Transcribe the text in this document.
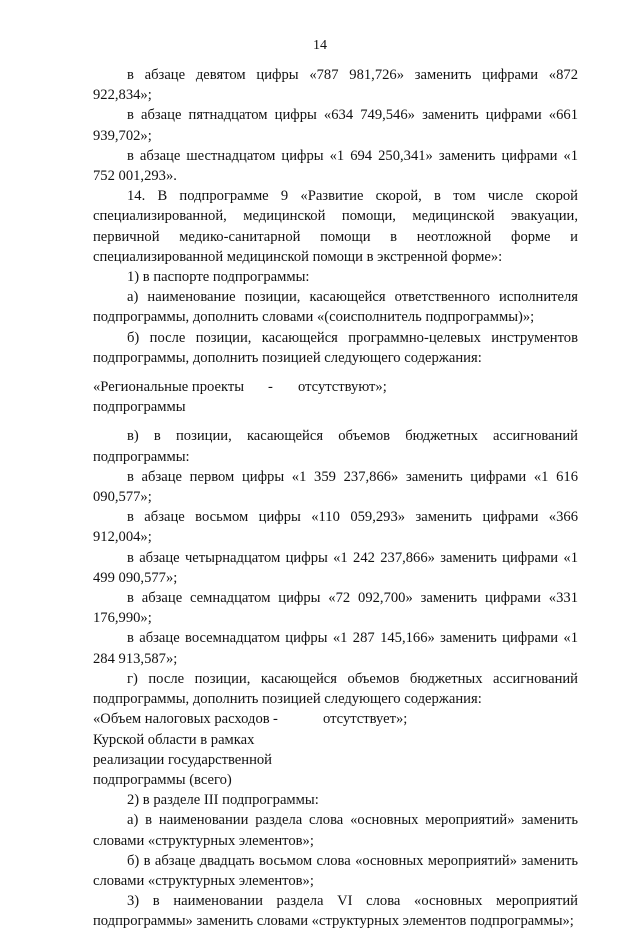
14

в абзаце девятом цифры «787 981,726» заменить цифрами «872 922,834»;

в абзаце пятнадцатом цифры «634 749,546» заменить цифрами «661 939,702»;

в абзаце шестнадцатом цифры «1 694 250,341» заменить цифрами «1 752 001,293».

14. В подпрограмме 9 «Развитие скорой, в том числе скорой специализированной, медицинской помощи, медицинской эвакуации, первичной медико-санитарной помощи в неотложной форме и специализированной медицинской помощи в экстренной форме»:

1) в паспорте подпрограммы:

а) наименование позиции, касающейся ответственного исполнителя подпрограммы, дополнить словами «(соисполнитель подпрограммы)»;

б) после позиции, касающейся программно-целевых инструментов подпрограммы, дополнить позицией следующего содержания:

«Региональные проекты подпрограммы
-	отсутствуют»;

в) в позиции, касающейся объемов бюджетных ассигнований подпрограммы:

в абзаце первом цифры «1 359 237,866» заменить цифрами «1 616 090,577»;

в абзаце восьмом цифры «110 059,293» заменить цифрами «366 912,004»;

в абзаце четырнадцатом цифры «1 242 237,866» заменить цифрами «1 499 090,577»;

в абзаце семнадцатом цифры «72 092,700» заменить цифрами «331 176,990»;

в абзаце восемнадцатом цифры «1 287 145,166» заменить цифрами «1 284 913,587»;

г) после позиции, касающейся объемов бюджетных ассигнований подпрограммы, дополнить позицией следующего содержания:

«Объем налоговых расходов Курской области в рамках реализации государственной подпрограммы (всего)
-	отсутствует»;

2) в разделе III подпрограммы:

а) в наименовании раздела слова «основных мероприятий» заменить словами «структурных элементов»;

б) в абзаце двадцать восьмом слова «основных мероприятий» заменить словами «структурных элементов»;

3) в наименовании раздела VI слова «основных мероприятий подпрограммы» заменить словами «структурных элементов подпрограммы»;
